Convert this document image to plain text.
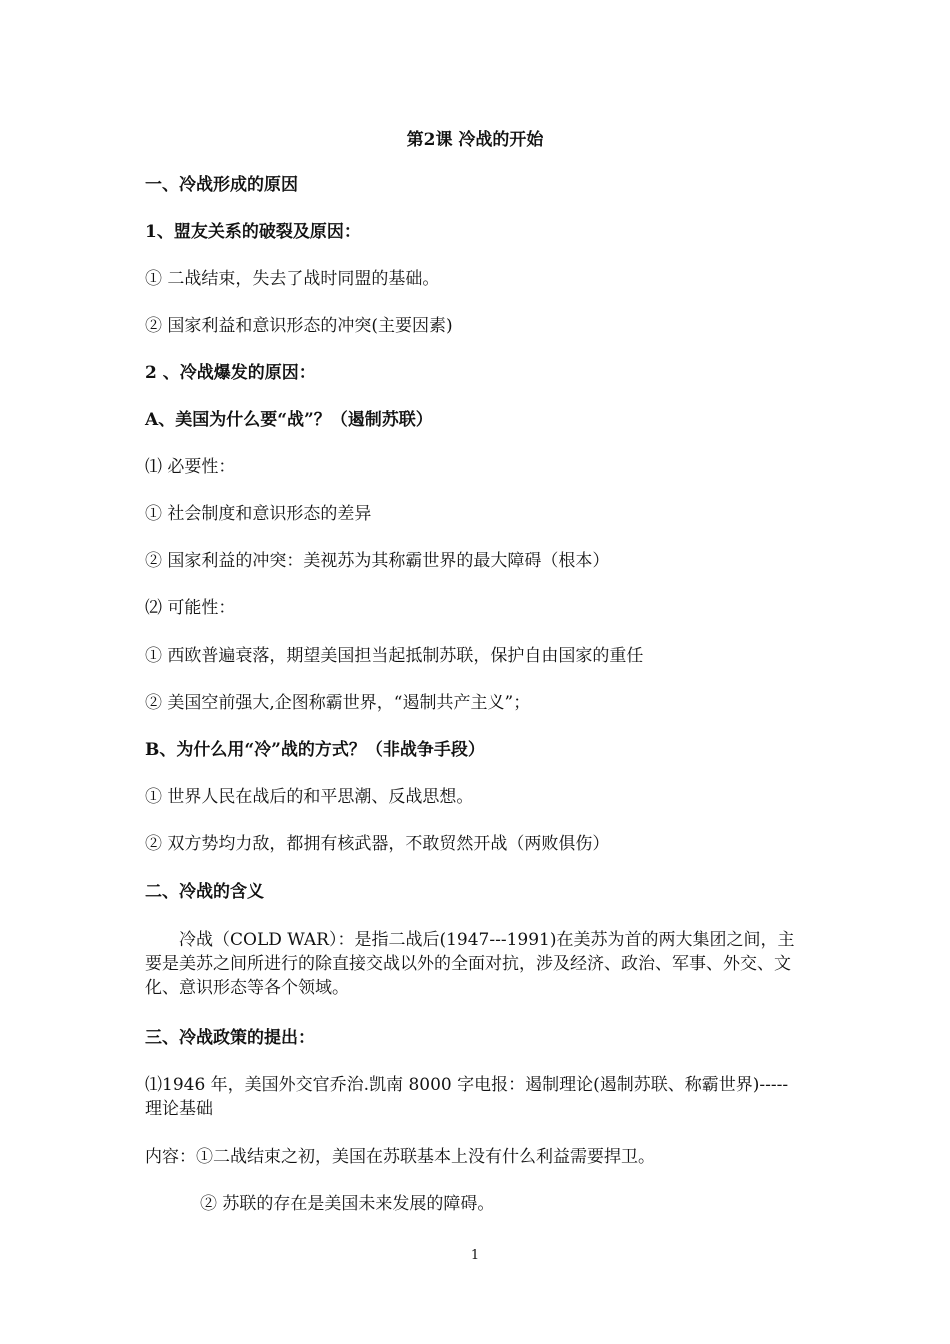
第2课 冷战的开始
一、冷战形成的原因
1、盟友关系的破裂及原因：
① 二战结束，失去了战时同盟的基础。
② 国家利益和意识形态的冲突(主要因素)
2 、冷战爆发的原因：
A、美国为什么要“战”？（遏制苏联）
⑴ 必要性：
① 社会制度和意识形态的差异
② 国家利益的冲突：美视苏为其称霸世界的最大障碍（根本）
⑵ 可能性：
① 西欧普遍衰落，期望美国担当起抵制苏联，保护自由国家的重任
② 美国空前强大,企图称霸世界，“遏制共产主义”；
B、为什么用“冷”战的方式？（非战争手段）
① 世界人民在战后的和平思潮、反战思想。
② 双方势均力敌，都拥有核武器，不敢贸然开战（两败俱伤）
二、冷战的含义
冷战（COLD WAR）：是指二战后(1947---1991)在美苏为首的两大集团之间，主要是美苏之间所进行的除直接交战以外的全面对抗，涉及经济、政治、军事、外交、文化、意识形态等各个领域。
三、冷战政策的提出：
⑴1946 年，美国外交官乔治.凯南 8000 字电报：遏制理论(遏制苏联、称霸世界)-----理论基础
内容：①二战结束之初，美国在苏联基本上没有什么利益需要捍卫。
② 苏联的存在是美国未来发展的障碍。
1
